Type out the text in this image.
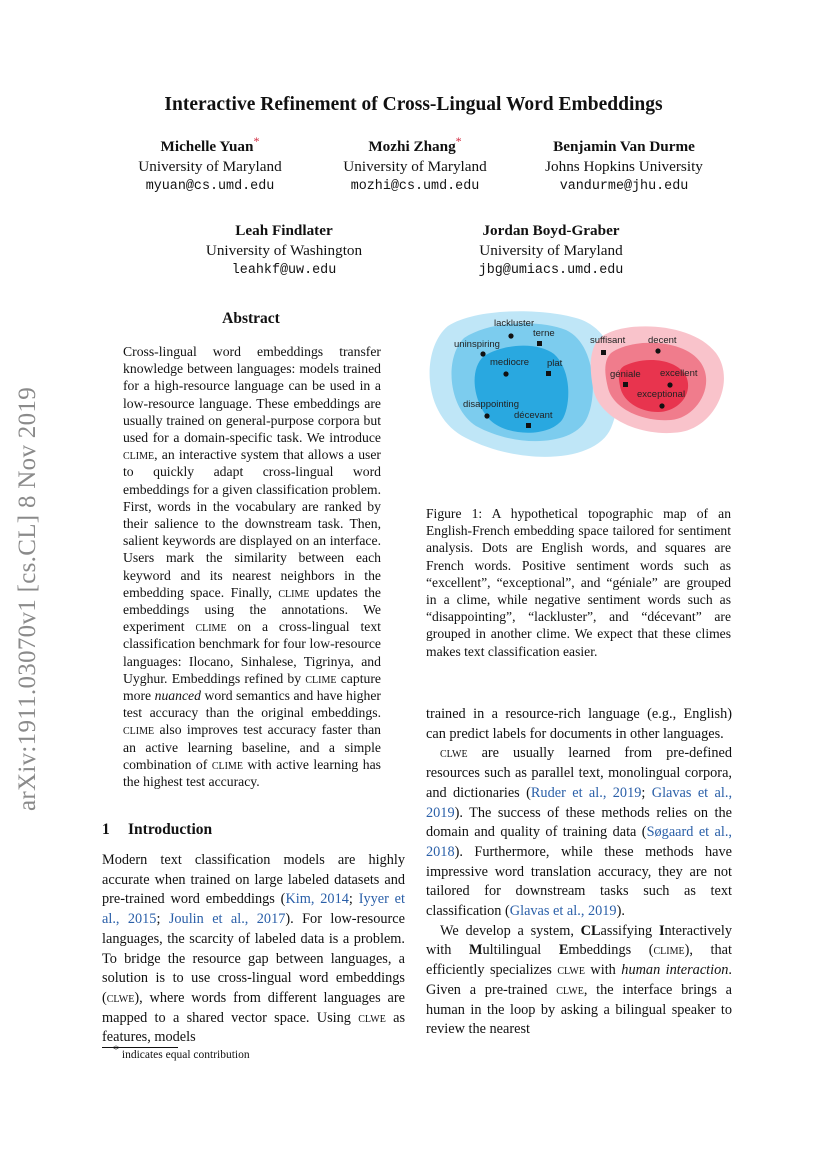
arXiv:1911.03070v1 [cs.CL] 8 Nov 2019
Interactive Refinement of Cross-Lingual Word Embeddings
Michelle Yuan*
University of Maryland
myuan@cs.umd.edu
Mozhi Zhang*
University of Maryland
mozhi@cs.umd.edu
Benjamin Van Durme
Johns Hopkins University
vandurme@jhu.edu
Leah Findlater
University of Washington
leahkf@uw.edu
Jordan Boyd-Graber
University of Maryland
jbg@umiacs.umd.edu
Abstract
Cross-lingual word embeddings transfer knowledge between languages: models trained for a high-resource language can be used in a low-resource language. These embeddings are usually trained on general-purpose corpora but used for a domain-specific task. We introduce clime, an interactive system that allows a user to quickly adapt cross-lingual word embeddings for a given classification problem. First, words in the vocabulary are ranked by their salience to the downstream task. Then, salient keywords are displayed on an interface. Users mark the similarity between each keyword and its nearest neighbors in the embedding space. Finally, clime updates the embeddings using the annotations. We experiment clime on a cross-lingual text classification benchmark for four low-resource languages: Ilocano, Sinhalese, Tigrinya, and Uyghur. Embeddings refined by clime capture more nuanced word semantics and have higher test accuracy than the original embeddings. clime also improves test accuracy faster than an active learning baseline, and a simple combination of clime with active learning has the highest test accuracy.
1 Introduction
Modern text classification models are highly accurate when trained on large labeled datasets and pre-trained word embeddings (Kim, 2014; Iyyer et al., 2015; Joulin et al., 2017). For low-resource languages, the scarcity of labeled data is a problem. To bridge the resource gap between languages, a solution is to use cross-lingual word embeddings (clwe), where words from different languages are mapped to a shared vector space. Using clwe as features, models
* indicates equal contribution
lackluster
terne
uninspiring
mediocre plat
disappointing
décevant
suffisant decent
géniale excellent
exceptional
Figure 1: A hypothetical topographic map of an English-French embedding space tailored for sentiment analysis. Dots are English words, and squares are French words. Positive sentiment words such as “excellent”, “exceptional”, and “géniale” are grouped in a clime, while negative sentiment words such as “disappointing”, “lackluster”, and “décevant” are grouped in another clime. We expect that these climes makes text classification easier.

trained in a resource-rich language (e.g., English) can predict labels for documents in other languages.

clwe are usually learned from pre-defined resources such as parallel text, monolingual corpora, and dictionaries (Ruder et al., 2019; Glavas et al., 2019). The success of these methods relies on the domain and quality of training data (Søgaard et al., 2018). Furthermore, while these methods have impressive word translation accuracy, they are not tailored for downstream tasks such as text classification (Glavas et al., 2019).

We develop a system, CLassifying Interactively with Multilingual Embeddings (clime), that efficiently specializes clwe with human interaction. Given a pre-trained clwe, the interface brings a human in the loop by asking a bilingual speaker to review the nearest
